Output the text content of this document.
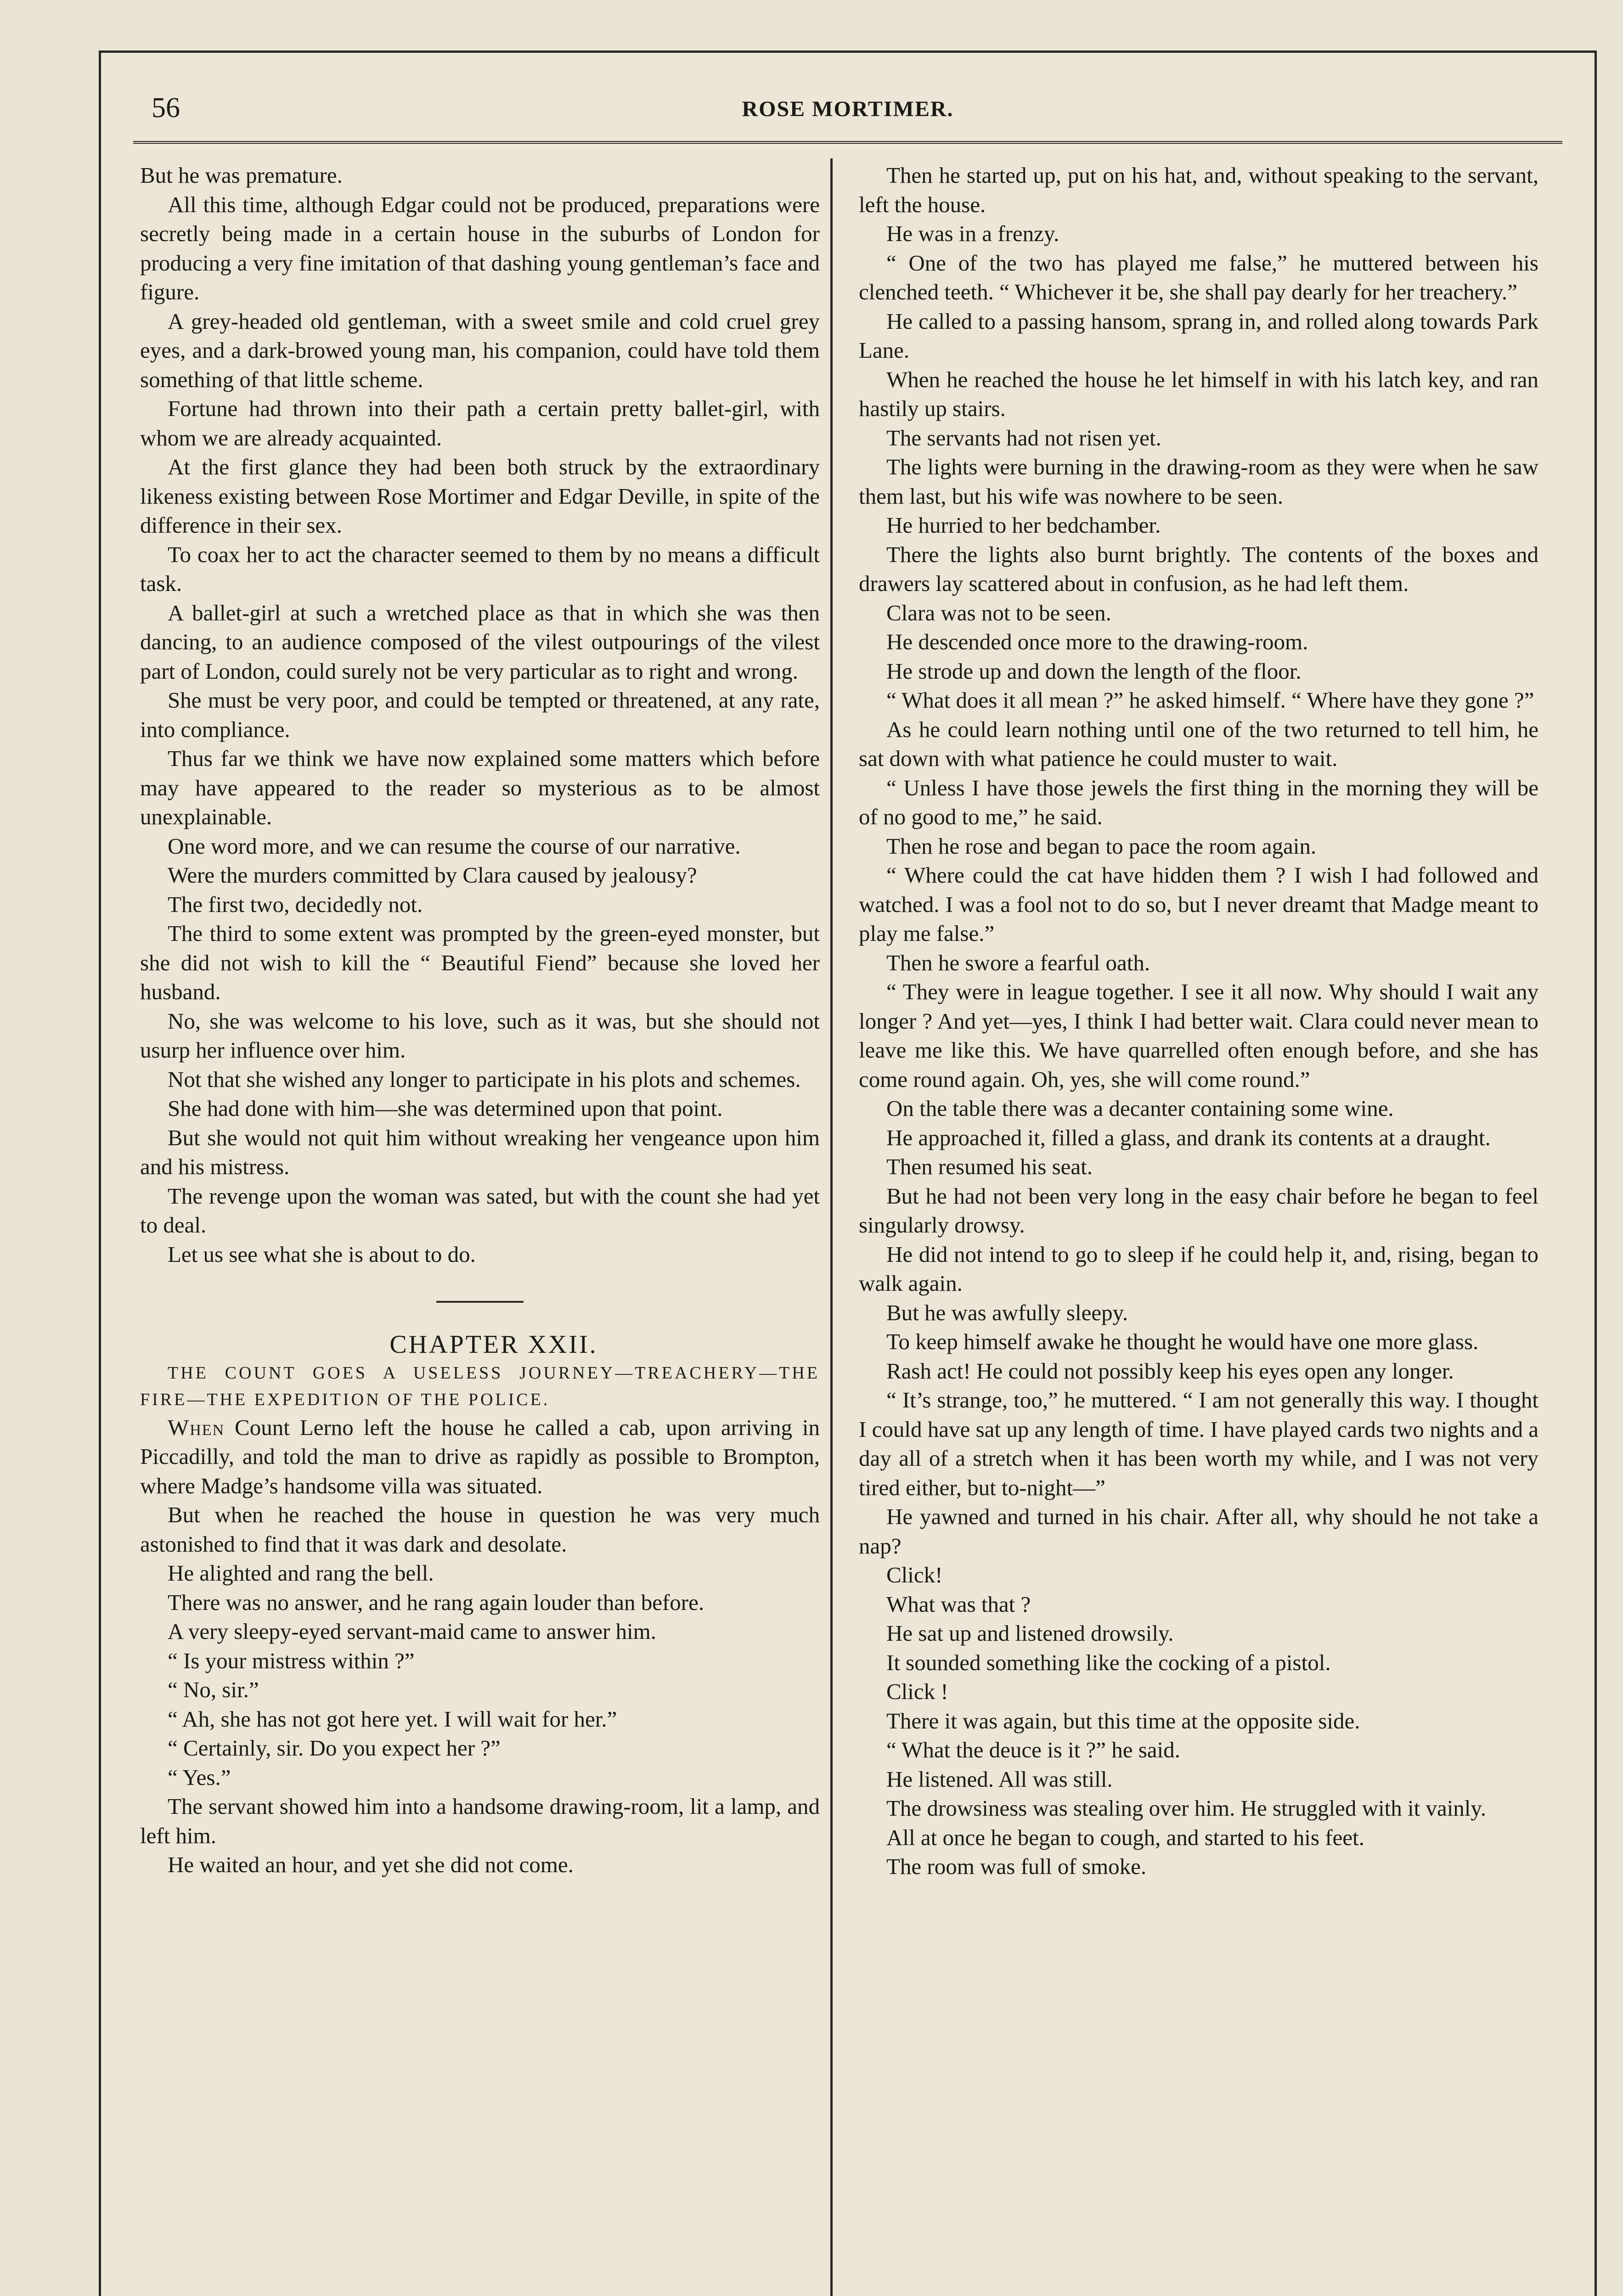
56	ROSE MORTIMER.

But he was premature.

All this time, although Edgar could not be produced, preparations were secretly being made in a certain house in the suburbs of London for producing a very fine imitation of that dashing young gentleman’s face and figure.

A grey-headed old gentleman, with a sweet smile and cold cruel grey eyes, and a dark-browed young man, his companion, could have told them something of that little scheme.

Fortune had thrown into their path a certain pretty ballet-girl, with whom we are already acquainted.

At the first glance they had been both struck by the extraordinary likeness existing between Rose Mortimer and Edgar Deville, in spite of the difference in their sex.

To coax her to act the character seemed to them by no means a difficult task.

A ballet-girl at such a wretched place as that in which she was then dancing, to an audience composed of the vilest outpourings of the vilest part of London, could surely not be very particular as to right and wrong.

She must be very poor, and could be tempted or threatened, at any rate, into compliance.

Thus far we think we have now explained some matters which before may have appeared to the reader so mysterious as to be almost unexplainable.

One word more, and we can resume the course of our narrative.

Were the murders committed by Clara caused by jealousy?

The first two, decidedly not.

The third to some extent was prompted by the green-eyed monster, but she did not wish to kill the “ Beautiful Fiend” because she loved her husband.

No, she was welcome to his love, such as it was, but she should not usurp her influence over him.

Not that she wished any longer to participate in his plots and schemes.

She had done with him—she was determined upon that point.

But she would not quit him without wreaking her vengeance upon him and his mistress.

The revenge upon the woman was sated, but with the count she had yet to deal.

Let us see what she is about to do.

CHAPTER XXII.

THE COUNT GOES A USELESS JOURNEY—TREACHERY—THE FIRE—THE EXPEDITION OF THE POLICE.

When Count Lerno left the house he called a cab, upon arriving in Piccadilly, and told the man to drive as rapidly as possible to Brompton, where Madge’s handsome villa was situated.

But when he reached the house in question he was very much astonished to find that it was dark and desolate.

He alighted and rang the bell.

There was no answer, and he rang again louder than before.

A very sleepy-eyed servant-maid came to answer him.

“ Is your mistress within ?”

“ No, sir.”

“ Ah, she has not got here yet. I will wait for her.”

“ Certainly, sir. Do you expect her ?”

“ Yes.”

The servant showed him into a handsome drawing-room, lit a lamp, and left him.

He waited an hour, and yet she did not come.

Then he started up, put on his hat, and, without speaking to the servant, left the house.

He was in a frenzy.

“ One of the two has played me false,” he muttered between his clenched teeth. “ Whichever it be, she shall pay dearly for her treachery.”

He called to a passing hansom, sprang in, and rolled along towards Park Lane.

When he reached the house he let himself in with his latch key, and ran hastily up stairs.

The servants had not risen yet.

The lights were burning in the drawing-room as they were when he saw them last, but his wife was nowhere to be seen.

He hurried to her bedchamber.

There the lights also burnt brightly. The contents of the boxes and drawers lay scattered about in confusion, as he had left them.

Clara was not to be seen.

He descended once more to the drawing-room.

He strode up and down the length of the floor.

“ What does it all mean ?” he asked himself. “ Where have they gone ?”

As he could learn nothing until one of the two returned to tell him, he sat down with what patience he could muster to wait.

“ Unless I have those jewels the first thing in the morning they will be of no good to me,” he said.

Then he rose and began to pace the room again.

“ Where could the cat have hidden them ? I wish I had followed and watched. I was a fool not to do so, but I never dreamt that Madge meant to play me false.”

Then he swore a fearful oath.

“ They were in league together. I see it all now. Why should I wait any longer ? And yet—yes, I think I had better wait. Clara could never mean to leave me like this. We have quarrelled often enough before, and she has come round again. Oh, yes, she will come round.”

On the table there was a decanter containing some wine.

He approached it, filled a glass, and drank its contents at a draught.

Then resumed his seat.

But he had not been very long in the easy chair before he began to feel singularly drowsy.

He did not intend to go to sleep if he could help it, and, rising, began to walk again.

But he was awfully sleepy.

To keep himself awake he thought he would have one more glass.

Rash act! He could not possibly keep his eyes open any longer.

“ It’s strange, too,” he muttered. “ I am not generally this way. I thought I could have sat up any length of time. I have played cards two nights and a day all of a stretch when it has been worth my while, and I was not very tired either, but to-night—”

He yawned and turned in his chair. After all, why should he not take a nap?

Click!

What was that ?

He sat up and listened drowsily.

It sounded something like the cocking of a pistol.

Click !

There it was again, but this time at the opposite side.

“ What the deuce is it ?” he said.

He listened. All was still.

The drowsiness was stealing over him. He struggled with it vainly.

All at once he began to cough, and started to his feet.

The room was full of smoke.
